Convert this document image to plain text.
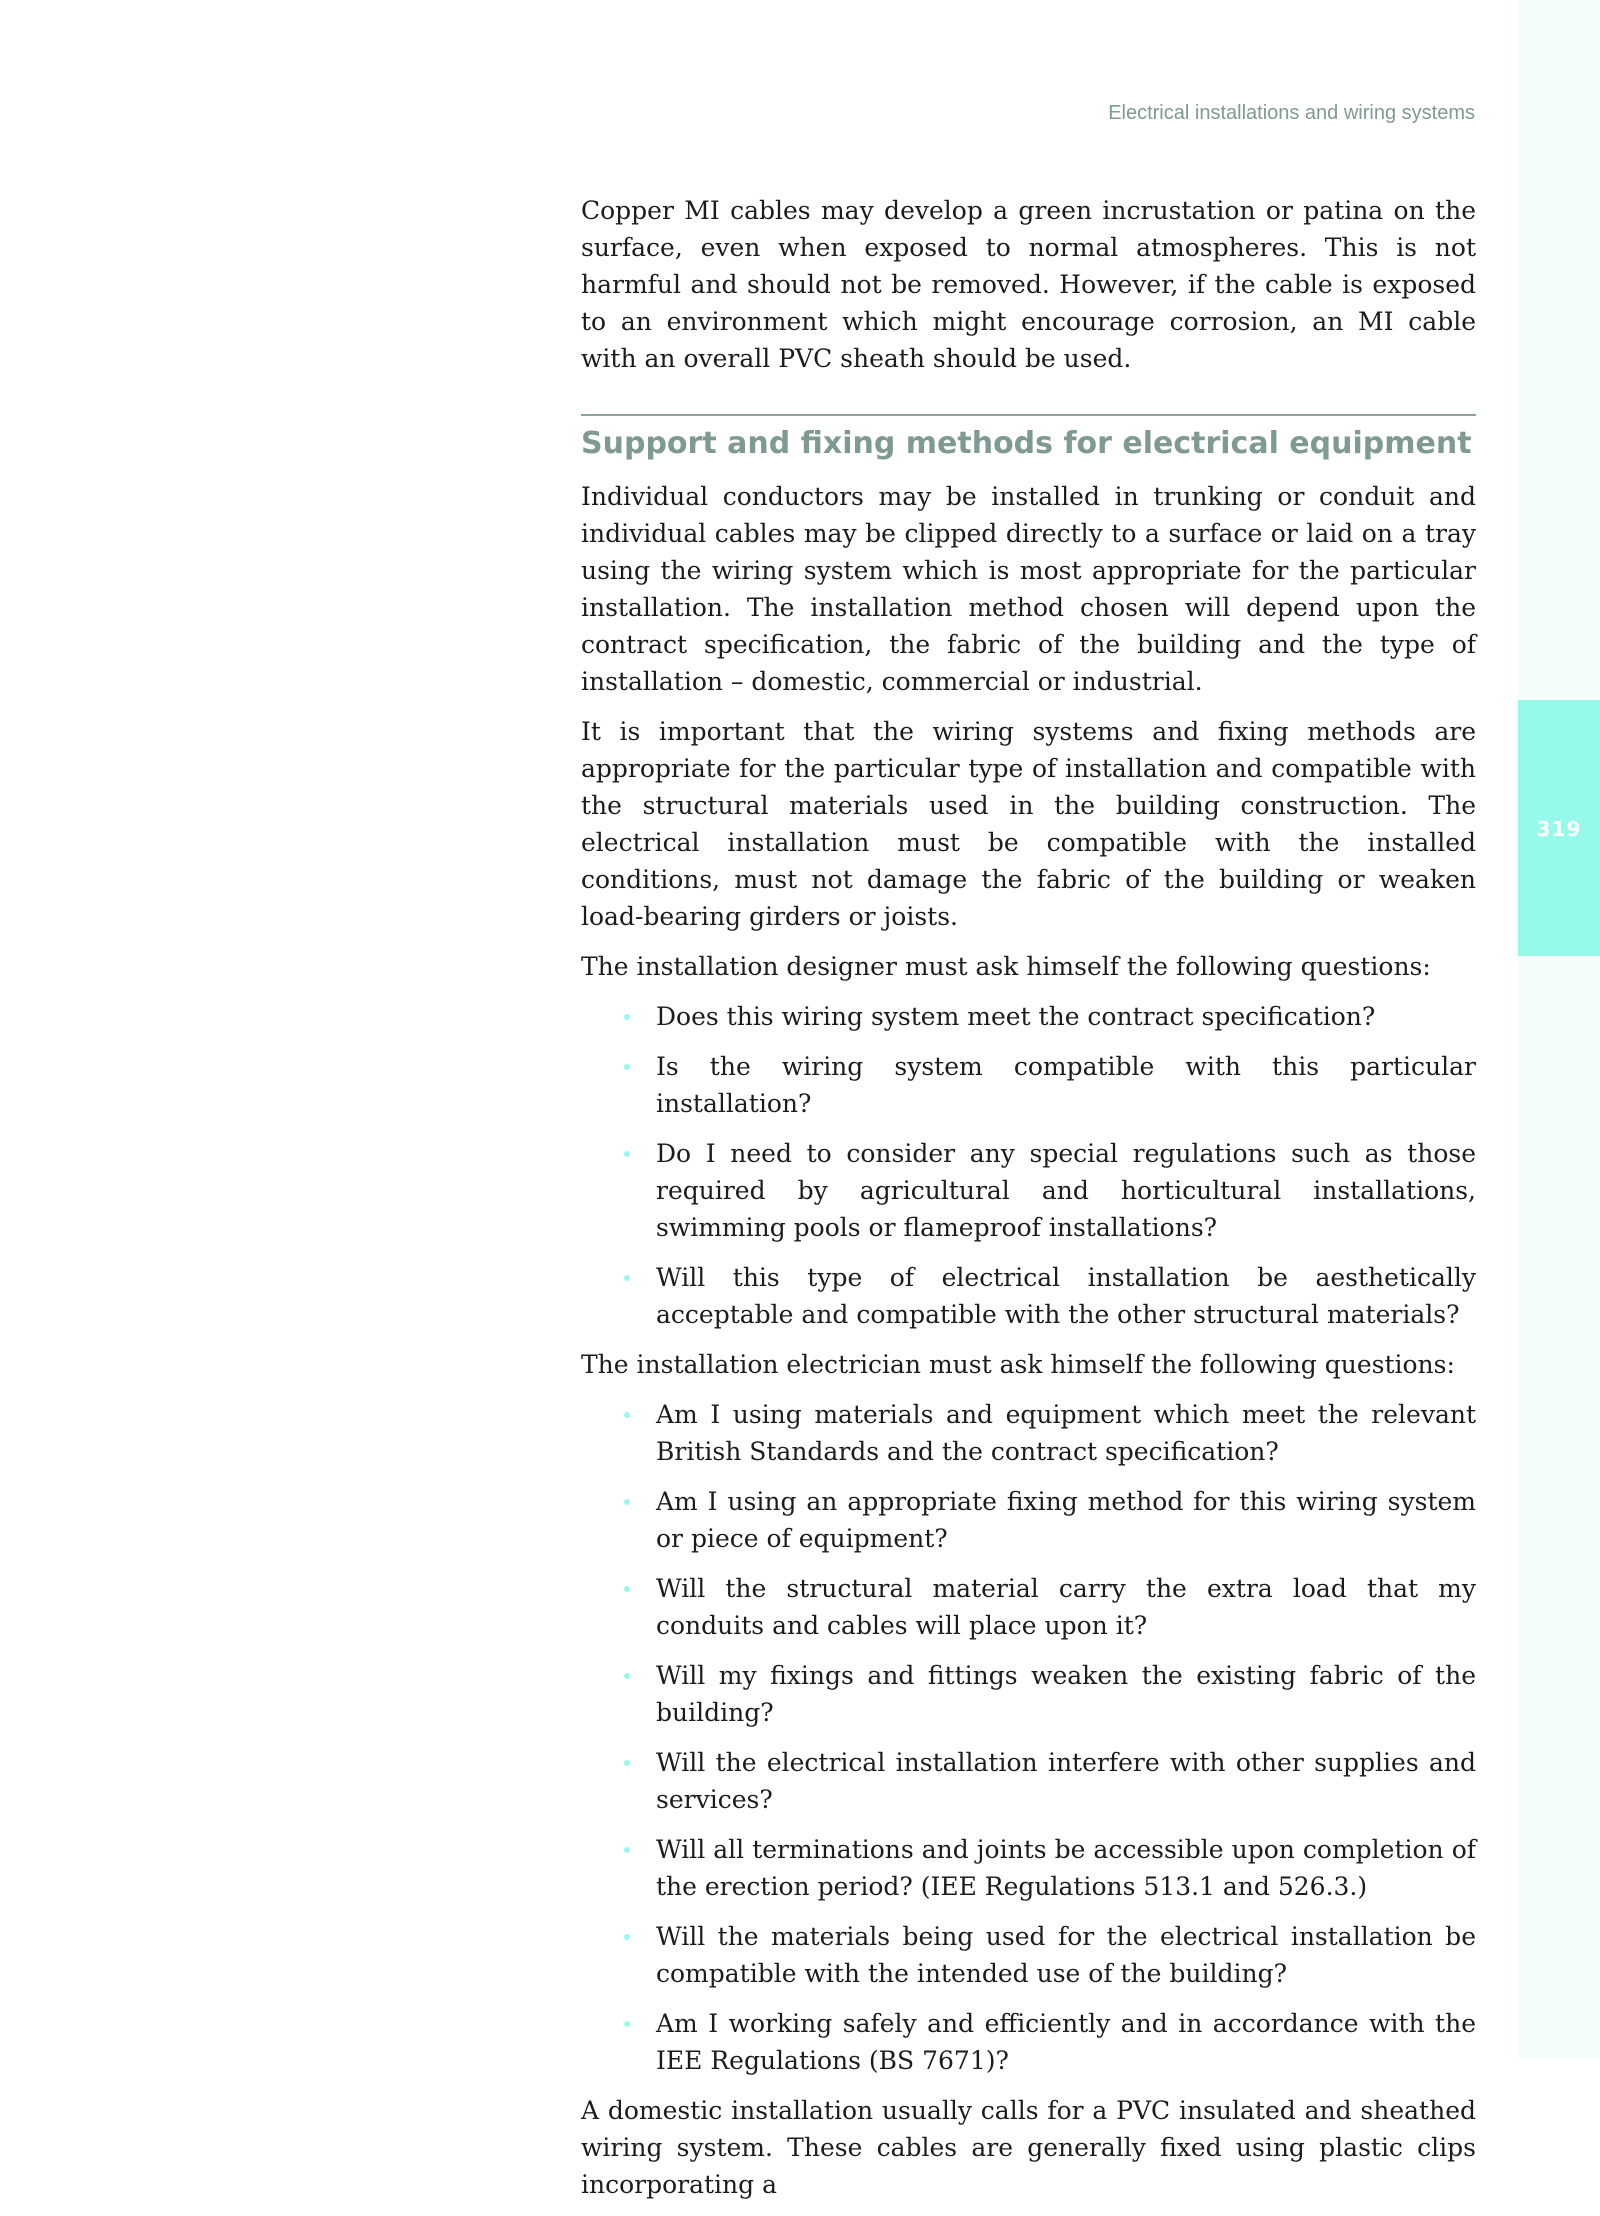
319
Electrical installations and wiring systems

Copper MI cables may develop a green incrustation or patina on the surface, even when exposed to normal atmospheres. This is not harmful and should not be removed. However, if the cable is exposed to an environment which might encourage corrosion, an MI cable with an overall PVC sheath should be used.

Support and fixing methods for electrical equipment

Individual conductors may be installed in trunking or conduit and individual cables may be clipped directly to a surface or laid on a tray using the wiring system which is most appropriate for the particular installation. The installation method chosen will depend upon the contract specification, the fabric of the building and the type of installation – domestic, commercial or industrial.

It is important that the wiring systems and fixing methods are appropriate for the particular type of installation and compatible with the structural materials used in the building construction. The electrical installation must be compatible with the installed conditions, must not damage the fabric of the building or weaken load-bearing girders or joists.

The installation designer must ask himself the following questions:

Does this wiring system meet the contract specification?
Is the wiring system compatible with this particular installation?
Do I need to consider any special regulations such as those required by agricultural and horticultural installations, swimming pools or flameproof installations?
Will this type of electrical installation be aesthetically acceptable and compatible with the other structural materials?

The installation electrician must ask himself the following questions:

Am I using materials and equipment which meet the relevant British Standards and the contract specification?
Am I using an appropriate fixing method for this wiring system or piece of equipment?
Will the structural material carry the extra load that my conduits and cables will place upon it?
Will my fixings and fittings weaken the existing fabric of the building?
Will the electrical installation interfere with other supplies and services?
Will all terminations and joints be accessible upon completion of the erection period? (IEE Regulations 513.1 and 526.3.)
Will the materials being used for the electrical installation be compatible with the intended use of the building?
Am I working safely and efficiently and in accordance with the IEE Regulations (BS 7671)?

A domestic installation usually calls for a PVC insulated and sheathed wiring system. These cables are generally fixed using plastic clips incorporating a
